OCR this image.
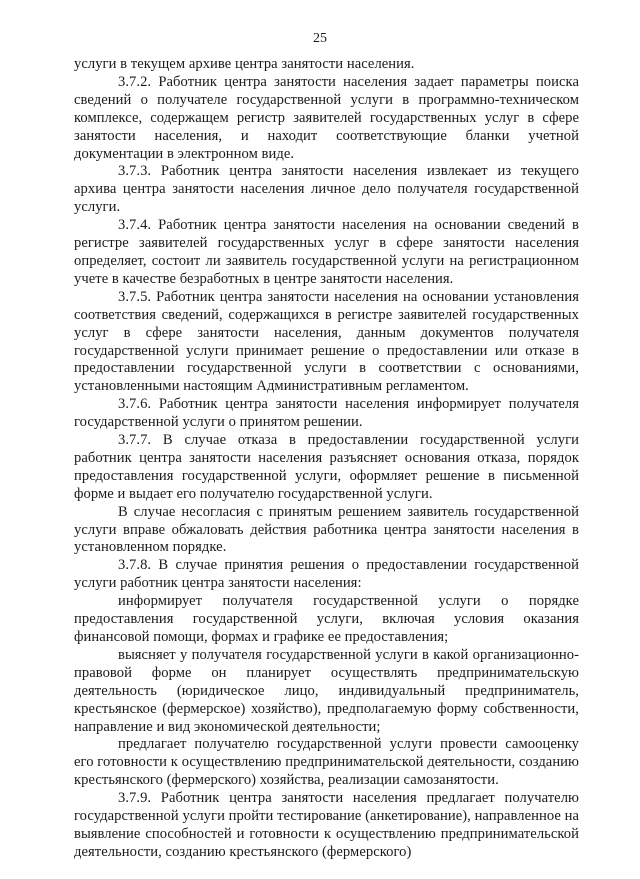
25

услуги в текущем архиве центра занятости населения.

3.7.2. Работник центра занятости населения задает параметры поиска сведений о получателе государственной услуги в программно-техническом комплексе, содержащем регистр заявителей государственных услуг в сфере занятости населения, и находит соответствующие бланки учетной документации в электронном виде.

3.7.3. Работник центра занятости населения извлекает из текущего архива центра занятости населения личное дело получателя государственной услуги.

3.7.4. Работник центра занятости населения на основании сведений в регистре заявителей государственных услуг в сфере занятости населения определяет, состоит ли заявитель государственной услуги на регистрационном учете в качестве безработных в центре занятости населения.

3.7.5. Работник центра занятости населения на основании установления соответствия сведений, содержащихся в регистре заявителей государственных услуг в сфере занятости населения, данным документов получателя государственной услуги принимает решение о предоставлении или отказе в предоставлении государственной услуги в соответствии с основаниями, установленными настоящим Административным регламентом.

3.7.6. Работник центра занятости населения информирует получателя государственной услуги о принятом решении.

3.7.7. В случае отказа в предоставлении государственной услуги работник центра занятости населения разъясняет основания отказа, порядок предоставления государственной услуги, оформляет решение в письменной форме и выдает его получателю государственной услуги.

В случае несогласия с принятым решением заявитель государственной услуги вправе обжаловать действия работника центра занятости населения в установленном порядке.

3.7.8. В случае принятия решения о предоставлении государственной услуги работник центра занятости населения:

информирует получателя государственной услуги о порядке предоставления государственной услуги, включая условия оказания финансовой помощи, формах и графике ее предоставления;

выясняет у получателя государственной услуги в какой организационно-правовой форме он планирует осуществлять предпринимательскую деятельность (юридическое лицо, индивидуальный предприниматель, крестьянское (фермерское) хозяйство), предполагаемую форму собственности, направление и вид экономической деятельности;

предлагает получателю государственной услуги провести самооценку его готовности к осуществлению предпринимательской деятельности, созданию крестьянского (фермерского) хозяйства, реализации самозанятости.

3.7.9. Работник центра занятости населения предлагает получателю государственной услуги пройти тестирование (анкетирование), направленное на выявление способностей и готовности к осуществлению предпринимательской деятельности, созданию крестьянского (фермерского)
